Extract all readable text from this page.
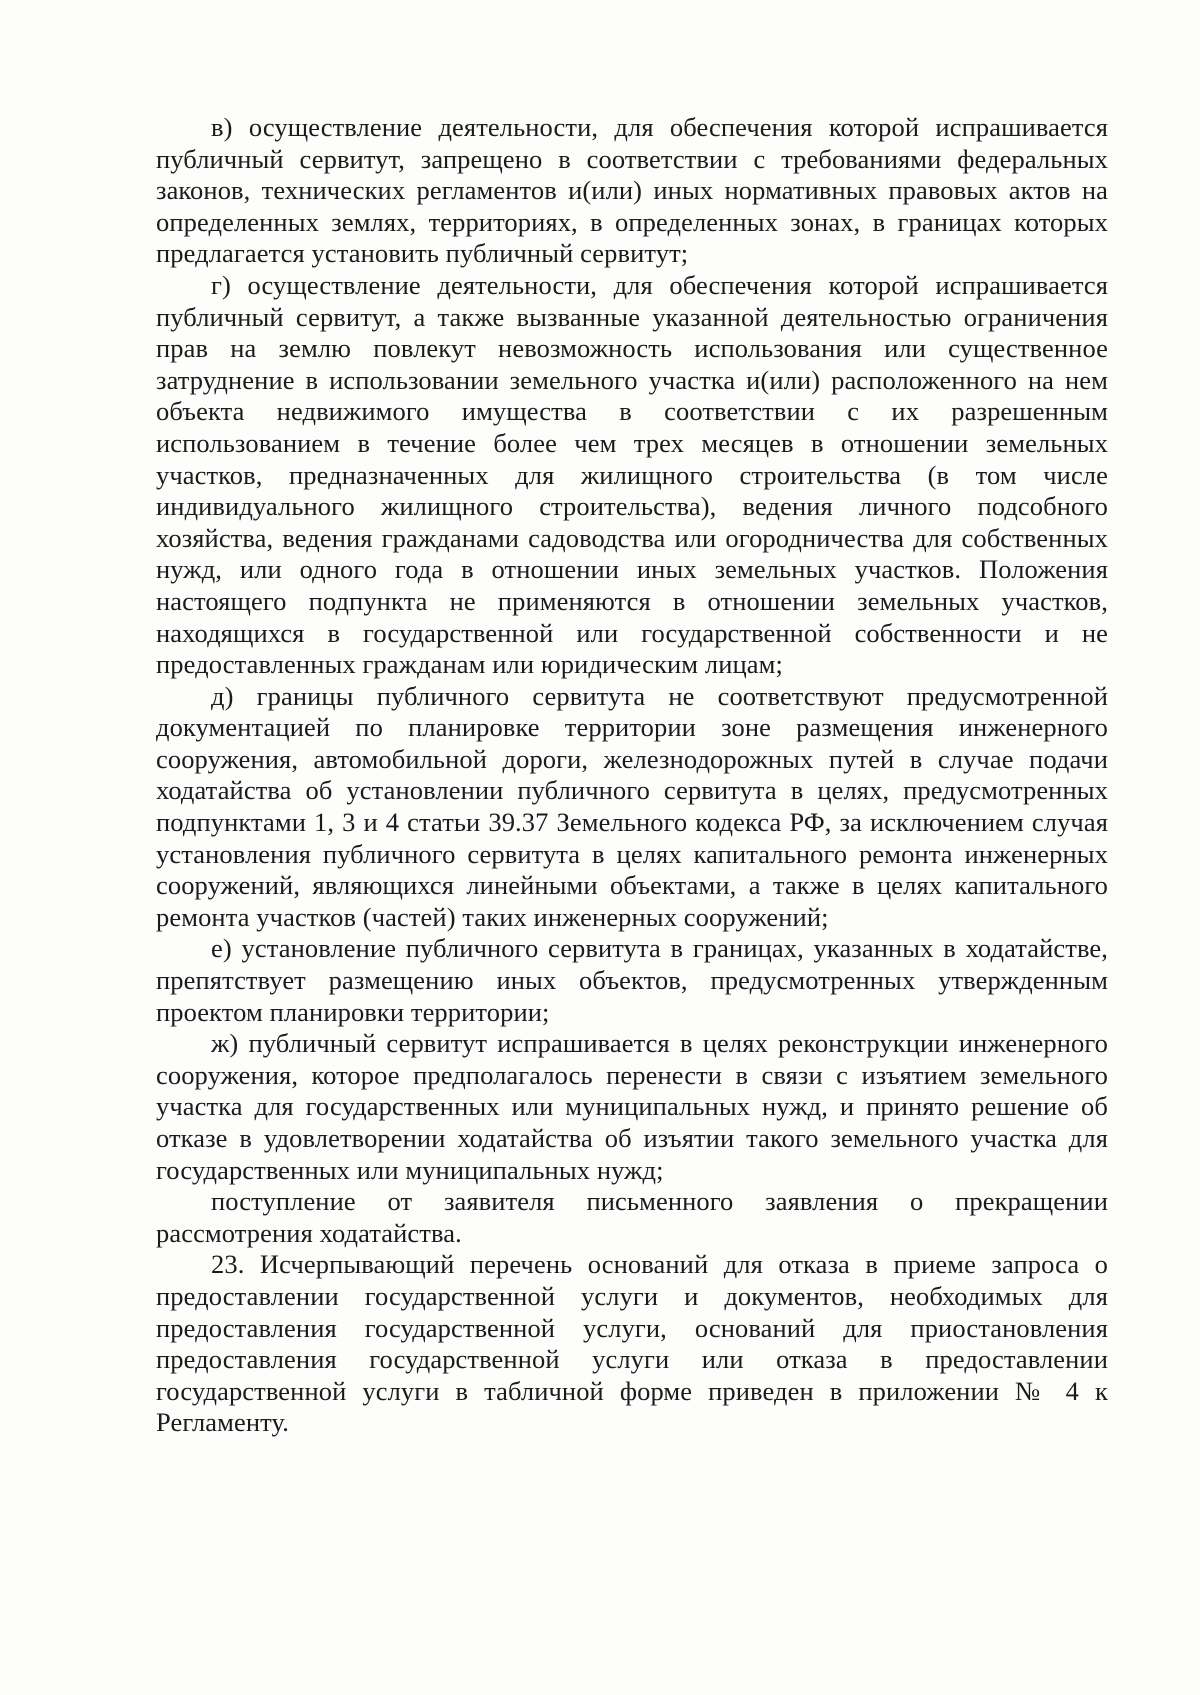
в) осуществление деятельности, для обеспечения которой испрашивается публичный сервитут, запрещено в соответствии с требованиями федеральных законов, технических регламентов и(или) иных нормативных правовых актов на определенных землях, территориях, в определенных зонах, в границах которых предлагается установить публичный сервитут;

г) осуществление деятельности, для обеспечения которой испрашивается публичный сервитут, а также вызванные указанной деятельностью ограничения прав на землю повлекут невозможность использования или существенное затруднение в использовании земельного участка и(или) расположенного на нем объекта недвижимого имущества в соответствии с их разрешенным использованием в течение более чем трех месяцев в отношении земельных участков, предназначенных для жилищного строительства (в том числе индивидуального жилищного строительства), ведения личного подсобного хозяйства, ведения гражданами садоводства или огородничества для собственных нужд, или одного года в отношении иных земельных участков. Положения настоящего подпункта не применяются в отношении земельных участков, находящихся в государственной или государственной собственности и не предоставленных гражданам или юридическим лицам;

д) границы публичного сервитута не соответствуют предусмотренной документацией по планировке территории зоне размещения инженерного сооружения, автомобильной дороги, железнодорожных путей в случае подачи ходатайства об установлении публичного сервитута в целях, предусмотренных подпунктами 1, 3 и 4 статьи 39.37 Земельного кодекса РФ, за исключением случая установления публичного сервитута в целях капитального ремонта инженерных сооружений, являющихся линейными объектами, а также в целях капитального ремонта участков (частей) таких инженерных сооружений;

е) установление публичного сервитута в границах, указанных в ходатайстве, препятствует размещению иных объектов, предусмотренных утвержденным проектом планировки территории;

ж) публичный сервитут испрашивается в целях реконструкции инженерного сооружения, которое предполагалось перенести в связи с изъятием земельного участка для государственных или муниципальных нужд, и принято решение об отказе в удовлетворении ходатайства об изъятии такого земельного участка для государственных или муниципальных нужд;

поступление от заявителя письменного заявления о прекращении рассмотрения ходатайства.

23. Исчерпывающий перечень оснований для отказа в приеме запроса о предоставлении государственной услуги и документов, необходимых для предоставления государственной услуги, оснований для приостановления предоставления государственной услуги или отказа в предоставлении государственной услуги в табличной форме приведен в приложении № 4 к Регламенту.
